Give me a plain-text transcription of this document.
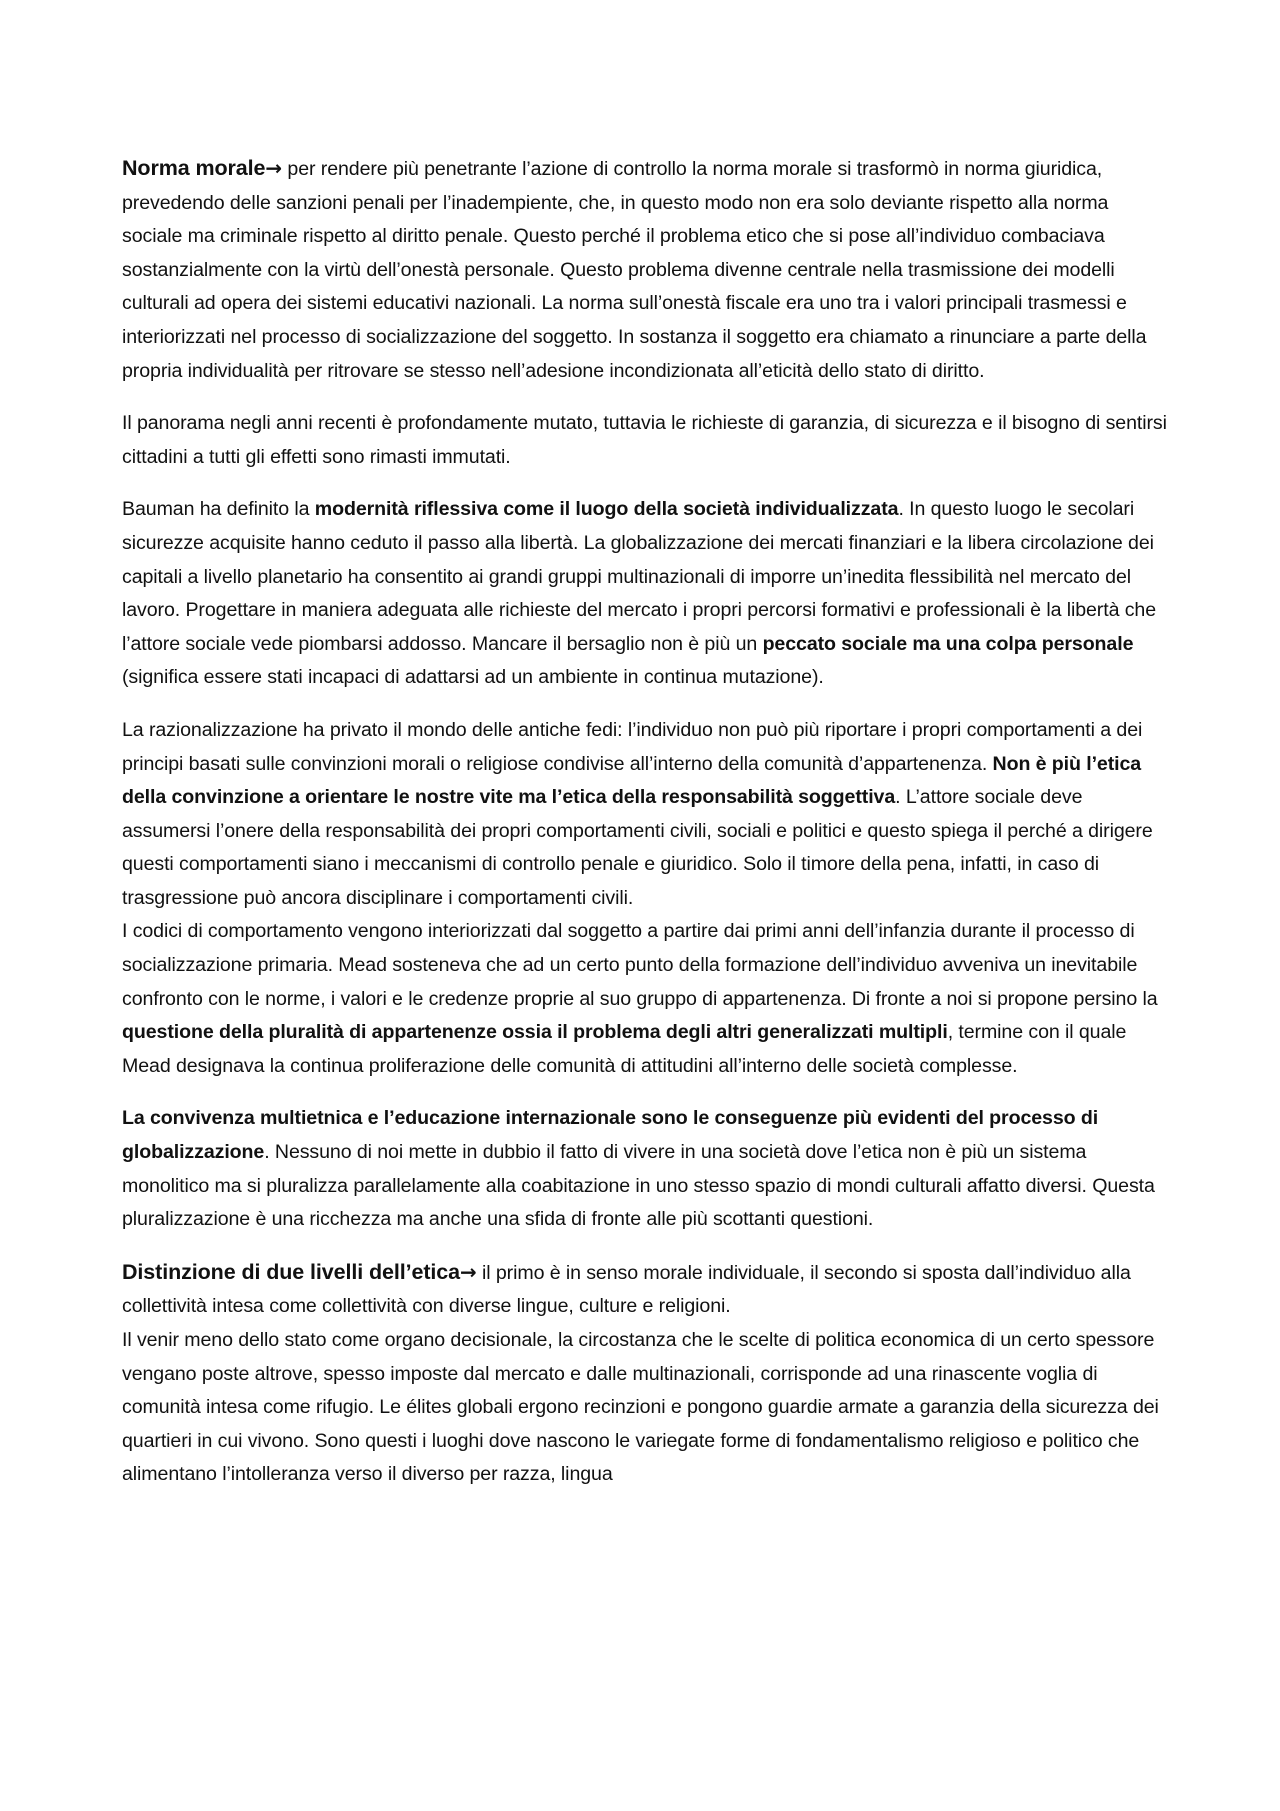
Norma morale→ per rendere più penetrante l’azione di controllo la norma morale si trasformò in norma giuridica, prevedendo delle sanzioni penali per l’inadempiente, che, in questo modo non era solo deviante rispetto alla norma sociale ma criminale rispetto al diritto penale. Questo perché il problema etico che si pose all’individuo combaciava sostanzialmente con la virtù dell’onestà personale. Questo problema divenne centrale nella trasmissione dei modelli culturali ad opera dei sistemi educativi nazionali. La norma sull’onestà fiscale era uno tra i valori principali trasmessi e interiorizzati nel processo di socializzazione del soggetto. In sostanza il soggetto era chiamato a rinunciare a parte della propria individualità per ritrovare se stesso nell’adesione incondizionata all’eticità dello stato di diritto.

Il panorama negli anni recenti è profondamente mutato, tuttavia le richieste di garanzia, di sicurezza e il bisogno di sentirsi cittadini a tutti gli effetti sono rimasti immutati.

Bauman ha definito la modernità riflessiva come il luogo della società individualizzata. In questo luogo le secolari sicurezze acquisite hanno ceduto il passo alla libertà. La globalizzazione dei mercati finanziari e la libera circolazione dei capitali a livello planetario ha consentito ai grandi gruppi multinazionali di imporre un’inedita flessibilità nel mercato del lavoro. Progettare in maniera adeguata alle richieste del mercato i propri percorsi formativi e professionali è la libertà che l’attore sociale vede piombarsi addosso. Mancare il bersaglio non è più un peccato sociale ma una colpa personale (significa essere stati incapaci di adattarsi ad un ambiente in continua mutazione).

La razionalizzazione ha privato il mondo delle antiche fedi: l’individuo non può più riportare i propri comportamenti a dei principi basati sulle convinzioni morali o religiose condivise all’interno della comunità d’appartenenza. Non è più l’etica della convinzione a orientare le nostre vite ma l’etica della responsabilità soggettiva. L’attore sociale deve assumersi l’onere della responsabilità dei propri comportamenti civili, sociali e politici e questo spiega il perché a dirigere questi comportamenti siano i meccanismi di controllo penale e giuridico. Solo il timore della pena, infatti, in caso di trasgressione può ancora disciplinare i comportamenti civili.

I codici di comportamento vengono interiorizzati dal soggetto a partire dai primi anni dell’infanzia durante il processo di socializzazione primaria. Mead sosteneva che ad un certo punto della formazione dell’individuo avveniva un inevitabile confronto con le norme, i valori e le credenze proprie al suo gruppo di appartenenza. Di fronte a noi si propone persino la questione della pluralità di appartenenze ossia il problema degli altri generalizzati multipli, termine con il quale Mead designava la continua proliferazione delle comunità di attitudini all’interno delle società complesse.

La convivenza multietnica e l’educazione internazionale sono le conseguenze più evidenti del processo di globalizzazione. Nessuno di noi mette in dubbio il fatto di vivere in una società dove l’etica non è più un sistema monolitico ma si pluralizza parallelamente alla coabitazione in uno stesso spazio di mondi culturali affatto diversi. Questa pluralizzazione è una ricchezza ma anche una sfida di fronte alle più scottanti questioni.

Distinzione di due livelli dell’etica→ il primo è in senso morale individuale, il secondo si sposta dall’individuo alla collettività intesa come collettività con diverse lingue, culture e religioni.

Il venir meno dello stato come organo decisionale, la circostanza che le scelte di politica economica di un certo spessore vengano poste altrove, spesso imposte dal mercato e dalle multinazionali, corrisponde ad una rinascente voglia di comunità intesa come rifugio. Le élites globali ergono recinzioni e pongono guardie armate a garanzia della sicurezza dei quartieri in cui vivono. Sono questi i luoghi dove nascono le variegate forme di fondamentalismo religioso e politico che alimentano l’intolleranza verso il diverso per razza, lingua
